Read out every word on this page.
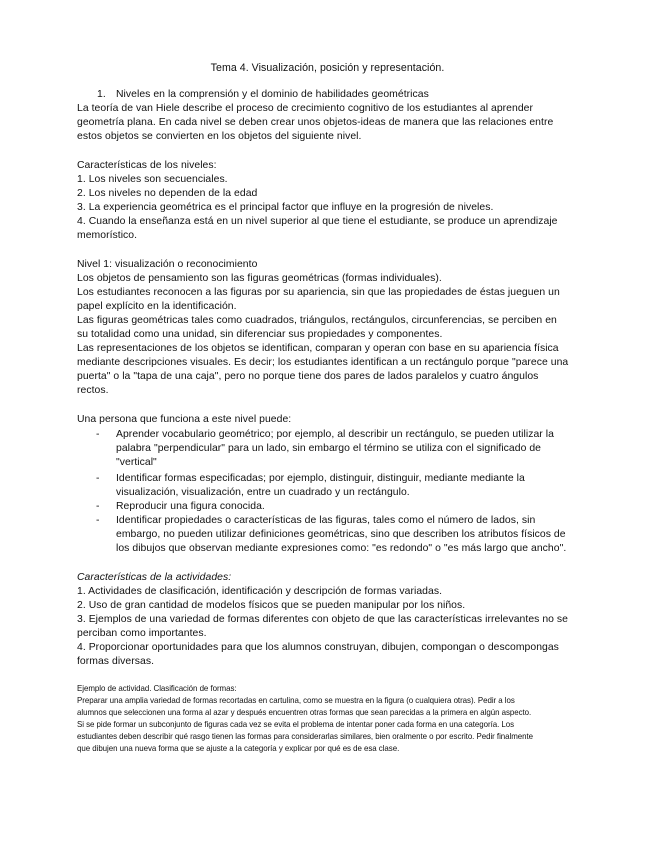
Tema 4. Visualización, posición y representación.
1. Niveles en la comprensión y el dominio de habilidades geométricas
La teoría de van Hiele describe el proceso de crecimiento cognitivo de los estudiantes al aprender
geometría plana. En cada nivel se deben crear unos objetos-ideas de manera que las relaciones entre
estos objetos se convierten en los objetos del siguiente nivel.
Características de los niveles:
1. Los niveles son secuenciales.
2. Los niveles no dependen de la edad
3. La experiencia geométrica es el principal factor que influye en la progresión de niveles.
4. Cuando la enseñanza está en un nivel superior al que tiene el estudiante, se produce un aprendizaje
memorístico.
Nivel 1: visualización o reconocimiento
Los objetos de pensamiento son las figuras geométricas (formas individuales).
Los estudiantes reconocen a las figuras por su apariencia, sin que las propiedades de éstas jueguen un
papel explícito en la identificación.
Las figuras geométricas tales como cuadrados, triángulos, rectángulos, circunferencias, se perciben en
su totalidad como una unidad, sin diferenciar sus propiedades y componentes.
Las representaciones de los objetos se identifican, comparan y operan con base en su apariencia física
mediante descripciones visuales. Es decir; los estudiantes identifican a un rectángulo porque "parece una
puerta" o la "tapa de una caja", pero no porque tiene dos pares de lados paralelos y cuatro ángulos
rectos.
Una persona que funciona a este nivel puede:
- Aprender vocabulario geométrico; por ejemplo, al describir un rectángulo, se pueden utilizar la
palabra "perpendicular" para un lado, sin embargo el término se utiliza con el significado de
"vertical"
- Identificar formas especificadas; por ejemplo, distinguir, distinguir, mediante mediante la
visualización, visualización, entre un cuadrado y un rectángulo.
- Reproducir una figura conocida.
- Identificar propiedades o características de las figuras, tales como el número de lados, sin
embargo, no pueden utilizar definiciones geométricas, sino que describen los atributos físicos de
los dibujos que observan mediante expresiones como: "es redondo" o "es más largo que ancho".
Características de la actividades:
1. Actividades de clasificación, identificación y descripción de formas variadas.
2. Uso de gran cantidad de modelos físicos que se pueden manipular por los niños.
3. Ejemplos de una variedad de formas diferentes con objeto de que las características irrelevantes no se
perciban como importantes.
4. Proporcionar oportunidades para que los alumnos construyan, dibujen, compongan o descompongas
formas diversas.
Ejemplo de actividad. Clasificación de formas:
Preparar una amplia variedad de formas recortadas en cartulina, como se muestra en la figura (o cualquiera otras). Pedir a los
alumnos que seleccionen una forma al azar y después encuentren otras formas que sean parecidas a la primera en algún aspecto.
Si se pide formar un subconjunto de figuras cada vez se evita el problema de intentar poner cada forma en una categoría. Los
estudiantes deben describir qué rasgo tienen las formas para considerarlas similares, bien oralmente o por escrito. Pedir finalmente
que dibujen una nueva forma que se ajuste a la categoría y explicar por qué es de esa clase.
